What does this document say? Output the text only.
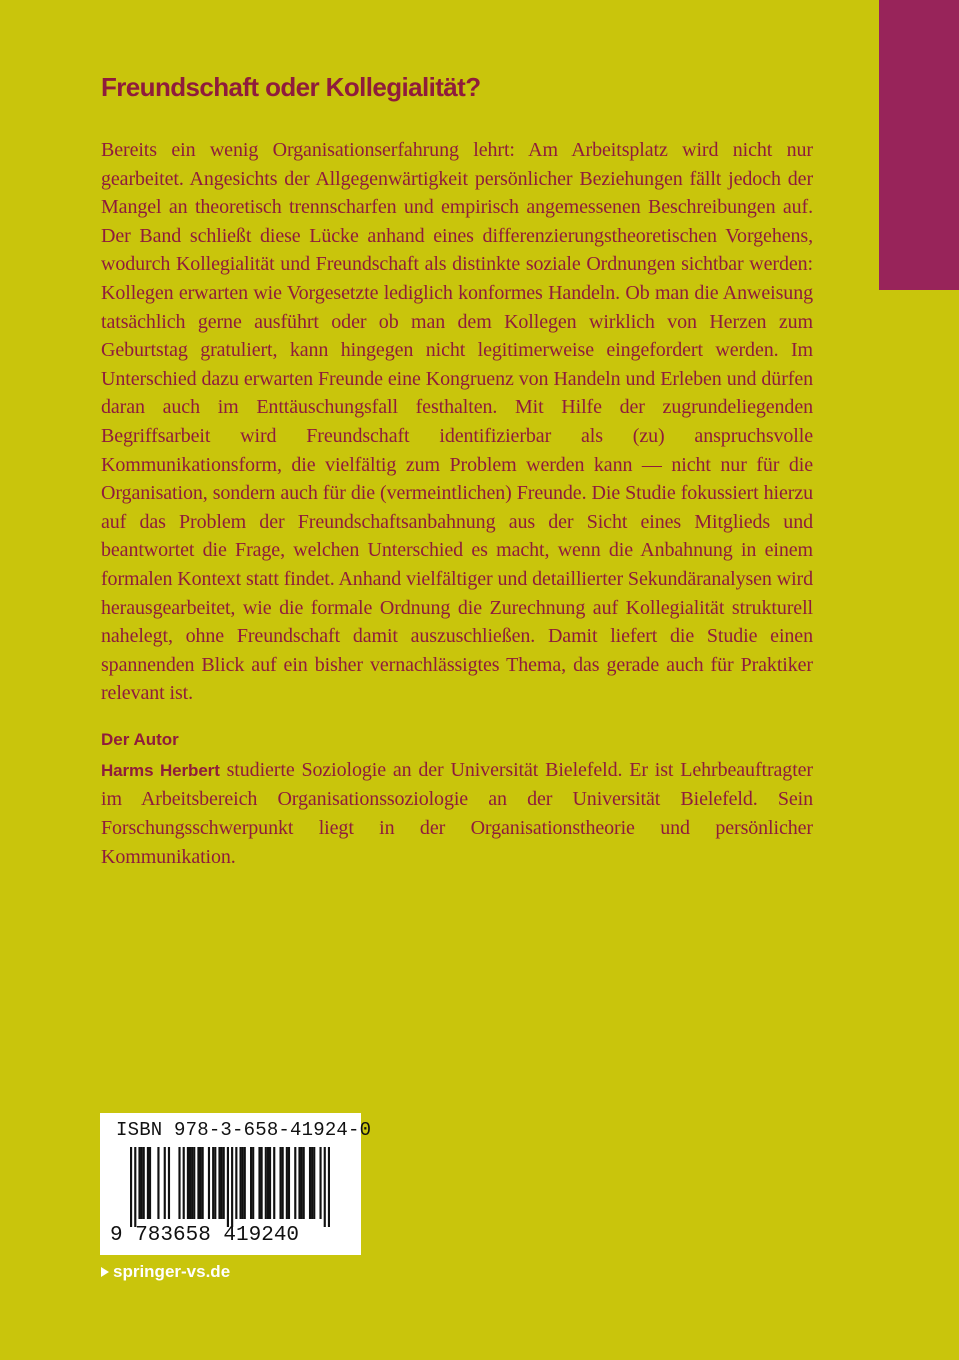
Freundschaft oder Kollegialität?

Bereits ein wenig Organisationserfahrung lehrt: Am Arbeitsplatz wird nicht nur gearbeitet. Angesichts der Allgegenwärtigkeit persönlicher Beziehungen fällt jedoch der Mangel an theoretisch trennscharfen und empirisch angemessenen Beschreibungen auf. Der Band schließt diese Lücke anhand eines differenzierungstheoretischen Vorgehens, wodurch Kollegialität und Freundschaft als distinkte soziale Ordnungen sichtbar werden: Kollegen erwarten wie Vorgesetzte lediglich konformes Handeln. Ob man die Anweisung tatsächlich gerne ausführt oder ob man dem Kollegen wirklich von Herzen zum Geburtstag gratuliert, kann hingegen nicht legitimerweise eingefordert werden. Im Unterschied dazu erwarten Freunde eine Kongruenz von Handeln und Erleben und dürfen daran auch im Enttäuschungsfall festhalten. Mit Hilfe der zugrundeliegenden Begriffsarbeit wird Freundschaft identifizierbar als (zu) anspruchsvolle Kommunikationsform, die vielfältig zum Problem werden kann — nicht nur für die Organisation, sondern auch für die (vermeintlichen) Freunde. Die Studie fokussiert hierzu auf das Problem der Freundschaftsanbahnung aus der Sicht eines Mitglieds und beantwortet die Frage, welchen Unterschied es macht, wenn die Anbahnung in einem formalen Kontext statt findet. Anhand vielfältiger und detaillierter Sekundäranalysen wird herausgearbeitet, wie die formale Ordnung die Zurechnung auf Kollegialität strukturell nahelegt, ohne Freundschaft damit auszuschließen. Damit liefert die Studie einen spannenden Blick auf ein bisher vernachlässigtes Thema, das gerade auch für Praktiker relevant ist.

Der Autor

Harms Herbert studierte Soziologie an der Universität Bielefeld. Er ist Lehrbeauftragter im Arbeitsbereich Organisationssoziologie an der Universität Bielefeld. Sein Forschungsschwerpunkt liegt in der Organisationstheorie und persönlicher Kommunikation.

ISBN 978-3-658-41924-0
9 783658 419240
springer-vs.de
